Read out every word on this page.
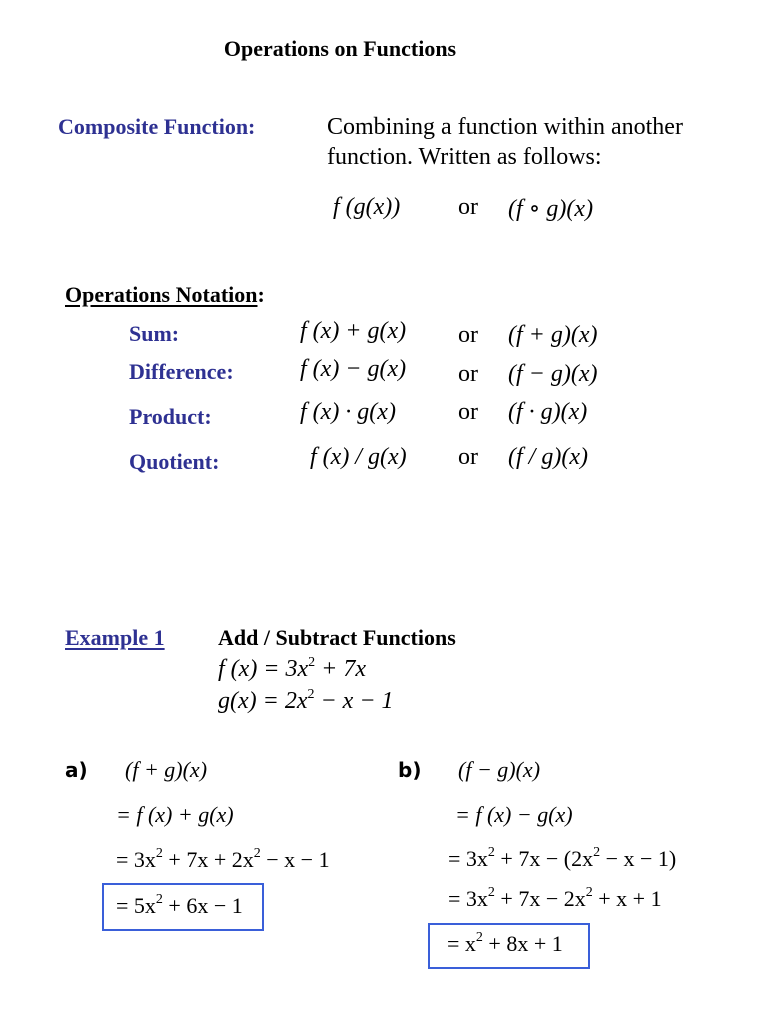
Operations on Functions
Composite Function:	Combining a function within another
function. Written as follows:
f (g(x)) or (f ∘ g)(x)
Operations Notation:
Sum:	f (x) + g(x) or (f + g)(x)
Difference:	f (x) − g(x) or (f − g)(x)
Product:	f (x) · g(x)	or (f · g)(x)
Quotient:	f (x) / g(x) or (f / g)(x)
Example 1 Add / Subtract Functions
f $(x) = 3x^2 + 7x$
$g(x) = 2x^2 - x - 1$
a) (f + g)(x)
= f (x) + g(x)
= $3x^2 + 7x + 2x^2 - x - 1$
= $5x^2 + 6x - 1$
b) (f − g)(x)
= f (x) − g(x)
= $3x^2 + 7x - (2x^2 - x - 1)$
= $3x^2 + 7x - 2x^2 + x + 1$
= $x^2 + 8x + 1$
